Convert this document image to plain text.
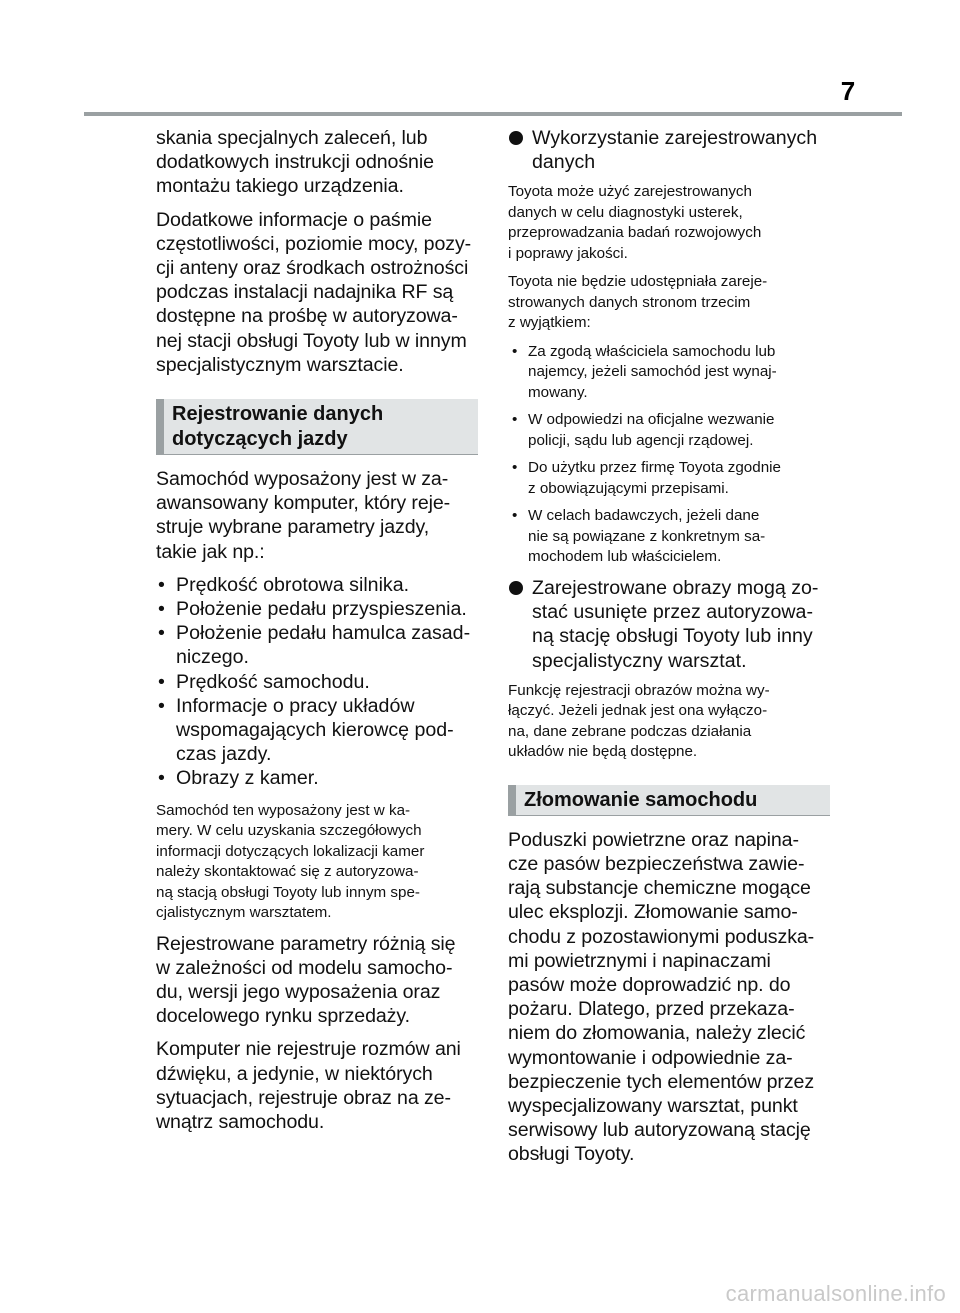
7

skania specjalnych zaleceń, lub
dodatkowych instrukcji odnośnie
montażu takiego urządzenia.

Dodatkowe informacje o paśmie
częstotliwości, poziomie mocy, pozy-
cji anteny oraz środkach ostrożności
podczas instalacji nadajnika RF są
dostępne na prośbę w autoryzowa-
nej stacji obsługi Toyoty lub w innym
specjalistycznym warsztacie.

Rejestrowanie danych
dotyczących jazdy

Samochód wyposażony jest w za-
awansowany komputer, który reje-
struje wybrane parametry jazdy,
takie jak np.:

• Prędkość obrotowa silnika.
• Położenie pedału przyspieszenia.
• Położenie pedału hamulca zasad-
niczego.
• Prędkość samochodu.
• Informacje o pracy układów
wspomagających kierowcę pod-
czas jazdy.
• Obrazy z kamer.

Samochód ten wyposażony jest w ka-
mery. W celu uzyskania szczegółowych
informacji dotyczących lokalizacji kamer
należy skontaktować się z autoryzowa-
ną stacją obsługi Toyoty lub innym spe-
cjalistycznym warsztatem.

Rejestrowane parametry różnią się
w zależności od modelu samocho-
du, wersji jego wyposażenia oraz
docelowego rynku sprzedaży.

Komputer nie rejestruje rozmów ani
dźwięku, a jedynie, w niektórych
sytuacjach, rejestruje obraz na ze-
wnątrz samochodu.

Wykorzystanie zarejestrowanych
danych

Toyota może użyć zarejestrowanych
danych w celu diagnostyki usterek,
przeprowadzania badań rozwojowych
i poprawy jakości.

Toyota nie będzie udostępniała zareje-
strowanych danych stronom trzecim
z wyjątkiem:

• Za zgodą właściciela samochodu lub
najemcy, jeżeli samochód jest wynaj-
mowany.
• W odpowiedzi na oficjalne wezwanie
policji, sądu lub agencji rządowej.
• Do użytku przez firmę Toyota zgodnie
z obowiązującymi przepisami.
• W celach badawczych, jeżeli dane
nie są powiązane z konkretnym sa-
mochodem lub właścicielem.
Zarejestrowane obrazy mogą zo-
stać usunięte przez autoryzowa-
ną stację obsługi Toyoty lub inny
specjalistyczny warsztat.

Funkcję rejestracji obrazów można wy-
łączyć. Jeżeli jednak jest ona wyłączo-
na, dane zebrane podczas działania
układów nie będą dostępne.

Złomowanie samochodu

Poduszki powietrzne oraz napina-
cze pasów bezpieczeństwa zawie-
rają substancje chemiczne mogące
ulec eksplozji. Złomowanie samo-
chodu z pozostawionymi poduszka-
mi powietrznymi i napinaczami
pasów może doprowadzić np. do
pożaru. Dlatego, przed przekaza-
niem do złomowania, należy zlecić
wymontowanie i odpowiednie za-
bezpieczenie tych elementów przez
wyspecjalizowany warsztat, punkt
serwisowy lub autoryzowaną stację
obsługi Toyoty.

carmanualsonline.info
